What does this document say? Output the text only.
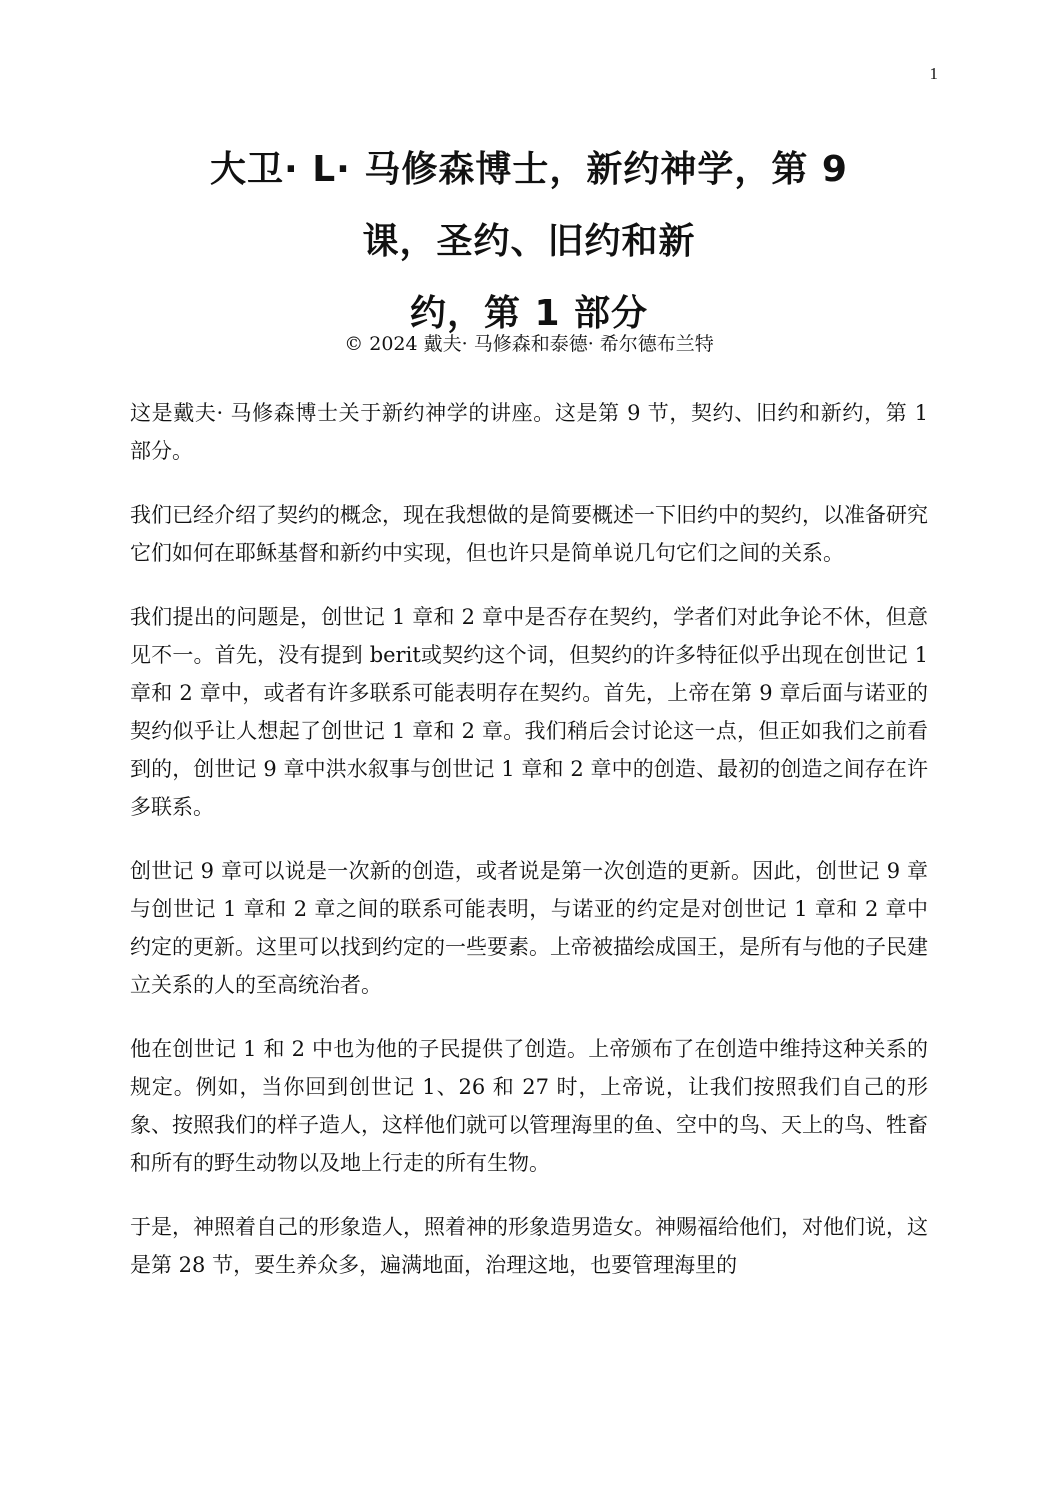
1
大卫· L· 马修森博士，新约神学，第 9
课，圣约、旧约和新
约，第 1 部分
© 2024 戴夫· 马修森和泰德· 希尔德布兰特

这是戴夫· 马修森博士关于新约神学的讲座。这是第 9 节，契约、旧约和新约，第 1 部分。

我们已经介绍了契约的概念，现在我想做的是简要概述一下旧约中的契约，以准备研究它们如何在耶稣基督和新约中实现，但也许只是简单说几句它们之间的关系。

我们提出的问题是，创世记 1 章和 2 章中是否存在契约，学者们对此争论不休，但意见不一。首先，没有提到 berit或契约这个词，但契约的许多特征似乎出现在创世记 1 章和 2 章中，或者有许多联系可能表明存在契约。首先，上帝在第 9 章后面与诺亚的契约似乎让人想起了创世记 1 章和 2 章。我们稍后会讨论这一点，但正如我们之前看到的，创世记 9 章中洪水叙事与创世记 1 章和 2 章中的创造、最初的创造之间存在许多联系。

创世记 9 章可以说是一次新的创造，或者说是第一次创造的更新。因此，创世记 9 章与创世记 1 章和 2 章之间的联系可能表明，与诺亚的约定是对创世记 1 章和 2 章中约定的更新。这里可以找到约定的一些要素。上帝被描绘成国王，是所有与他的子民建立关系的人的至高统治者。

他在创世记 1 和 2 中也为他的子民提供了创造。上帝颁布了在创造中维持这种关系的规定。例如，当你回到创世记 1、26 和 27 时，上帝说，让我们按照我们自己的形象、按照我们的样子造人，这样他们就可以管理海里的鱼、空中的鸟、天上的鸟、牲畜和所有的野生动物以及地上行走的所有生物。

于是，神照着自己的形象造人，照着神的形象造男造女。神赐福给他们，对他们说，这是第 28 节，要生养众多，遍满地面，治理这地，也要管理海里的
